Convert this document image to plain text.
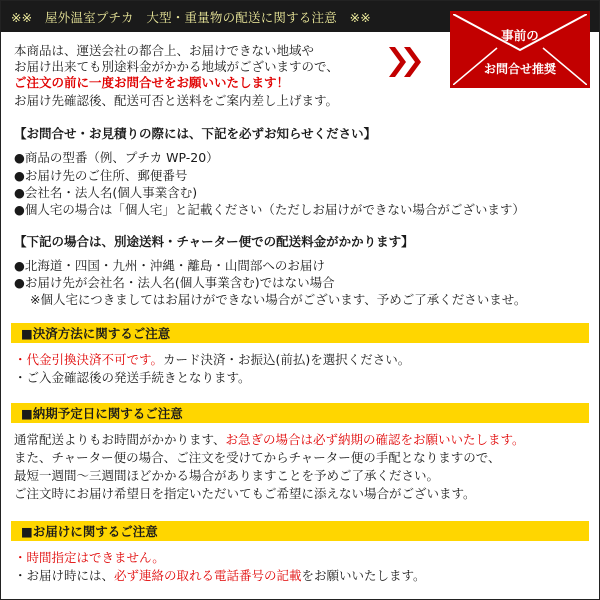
※※　屋外温室プチカ　大型・重量物の配送に関する注意　※※
事前の
お問合せ推奨
本商品は、運送会社の都合上、お届けできない地域や
お届け出来ても別途料金がかかる地域がございますので、
ご注文の前に一度お問合せをお願いいたします！
お届け先確認後、配送可否と送料をご案内差し上げます。
【お問合せ・お見積りの際には、下記を必ずお知らせください】
●商品の型番（例、プチカ WP-20）
●お届け先のご住所、郵便番号
●会社名・法人名(個人事業含む)
●個人宅の場合は「個人宅」と記載ください（ただしお届けができない場合がございます）
【下記の場合は、別途送料・チャーター便での配送料金がかかります】
●北海道・四国・九州・沖縄・離島・山間部へのお届け
●お届け先が会社名・法人名(個人事業含む)ではない場合
※個人宅につきましてはお届けができない場合がございます、予めご了承くださいませ。
■決済方法に関するご注意
・代金引換決済不可です。カード決済・お振込(前払)を選択ください。
・ご入金確認後の発送手続きとなります。
■納期予定日に関するご注意
通常配送よりもお時間がかかります、お急ぎの場合は必ず納期の確認をお願いいたします。
また、チャーター便の場合、ご注文を受けてからチャーター便の手配となりますので、
最短一週間〜三週間ほどかかる場合がありますことを予めご了承ください。
ご注文時にお届け希望日を指定いただいてもご希望に添えない場合がございます。
■お届けに関するご注意
・時間指定はできません。
・お届け時には、必ず連絡の取れる電話番号の記載をお願いいたします。
